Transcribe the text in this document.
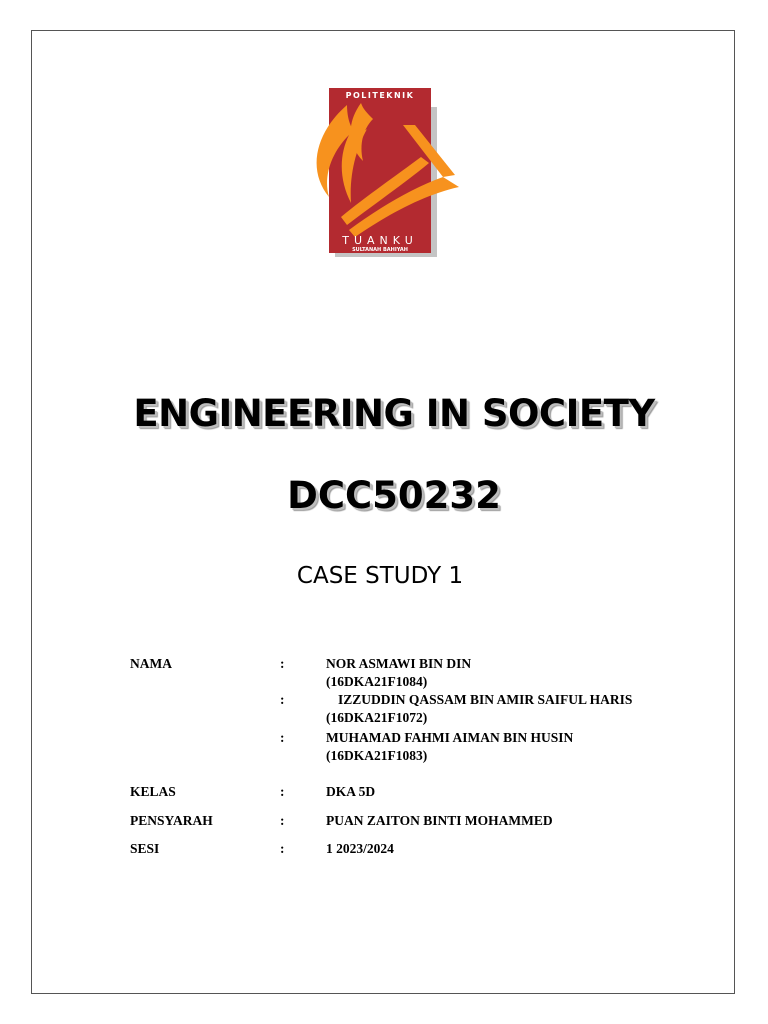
POLITEKNIK
TUANKU
SULTANAH BAHIYAH
ENGINEERING IN SOCIETY
DCC50232
CASE STUDY 1
NAMA	:	NOR ASMAWI BIN DIN
(16DKA21F1084)
:	IZZUDDIN QASSAM BIN AMIR SAIFUL HARIS
(16DKA21F1072)
:	MUHAMAD FAHMI AIMAN BIN HUSIN
(16DKA21F1083)
KELAS	:	DKA 5D
PENSYARAH	:	PUAN ZAITON BINTI MOHAMMED
SESI	:	1 2023/2024
